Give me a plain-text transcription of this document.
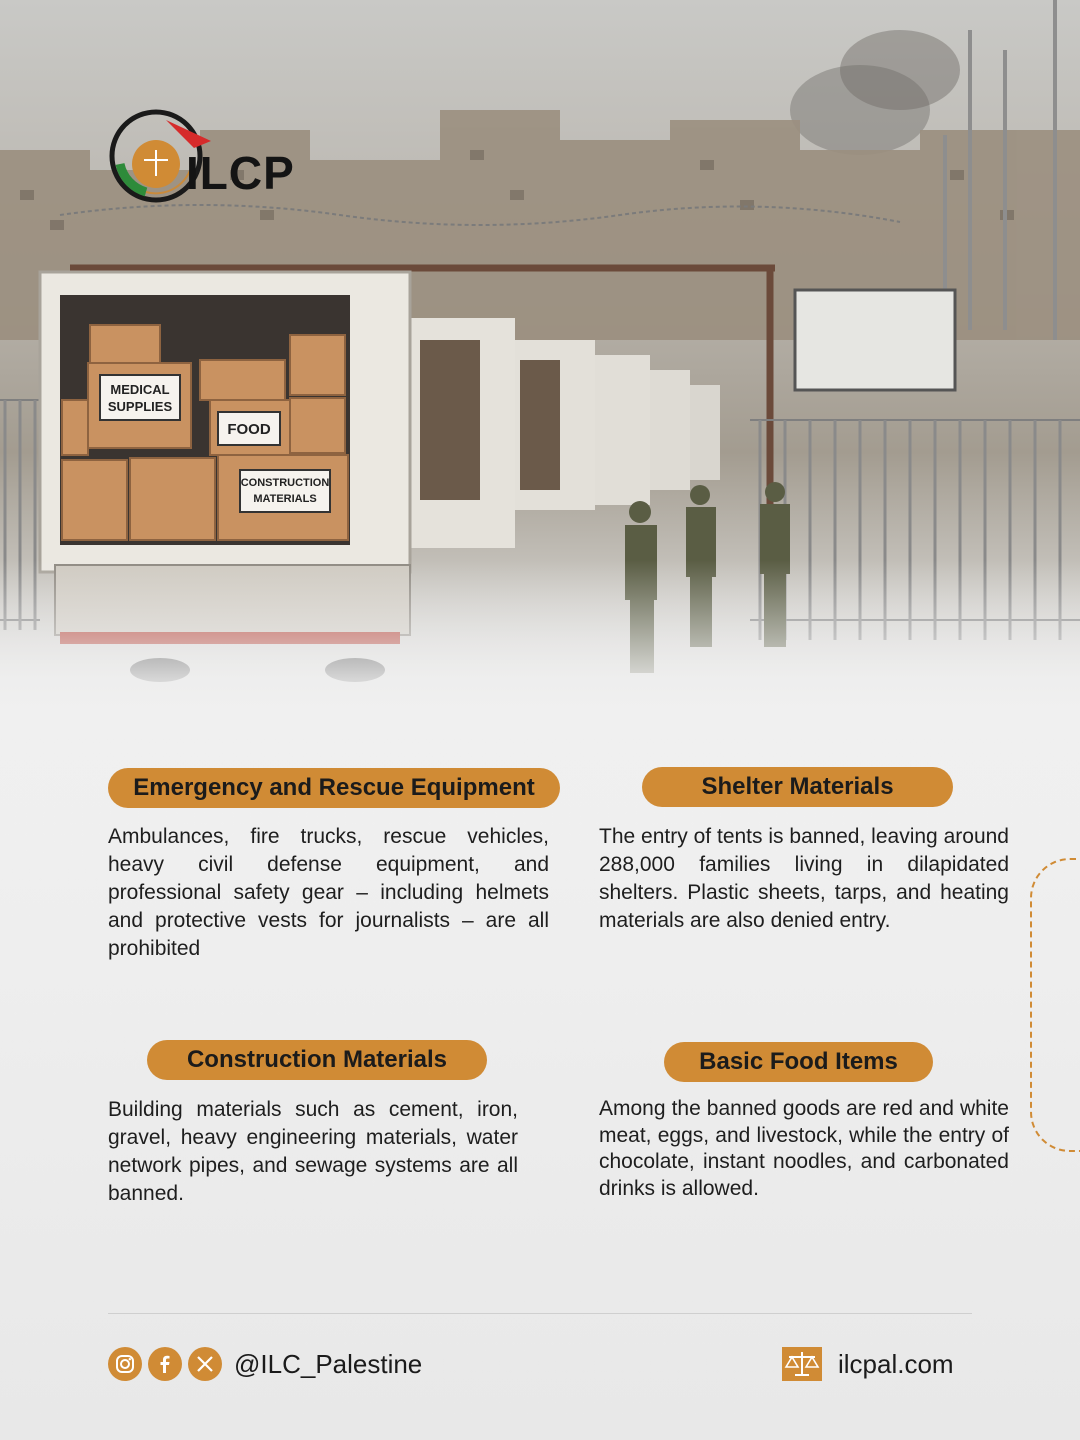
MEDICAL
SUPPLIES
FOOD
CONSTRUCTION
MATERIALS
ILCP
Emergency and Rescue Equipment
Ambulances, fire trucks, rescue vehicles, heavy civil defense equipment, and professional safety gear – including helmets and protective vests for journalists – are all prohibited
Shelter Materials
The entry of tents is banned, leaving around 288,000 families living in dilapidated shelters. Plastic sheets, tarps, and heating materials are also denied entry.
Construction Materials
Building materials such as cement, iron, gravel, heavy engineering materials, water network pipes, and sewage systems are all banned.
Basic Food Items
Among the banned goods are red and white meat, eggs, and livestock, while the entry of chocolate, instant noodles, and carbonated drinks is allowed.
@ILC_Palestine	ilcpal.com
